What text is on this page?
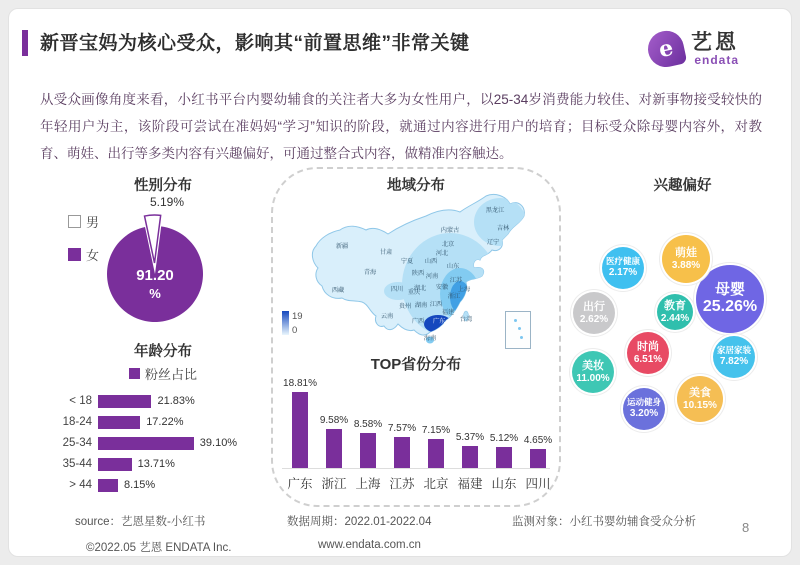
新晋宝妈为核心受众，影响其“前置思维”非常关键	e 艺恩
endata
从受众画像角度来看，小红书平台内婴幼辅食的关注者大多为女性用户，以25-34岁消费能力较佳、对新事物接受较快的年轻用户为主，该阶段可尝试在准妈妈“学习”知识的阶段，就通过内容进行用户的培育；目标受众除母婴内容外，对教育、萌娃、出行等多类内容有兴趣偏好，可通过整合式内容，做精准内容触达。
性别分布
男
女
5.19%
91.20
%
年龄分布
粉丝占比
< 18	21.83%
18-24	17.22%
25-34	39.10%
35-44	13.71%
> 44	8.15%
地域分布
黑龙江
吉林
辽宁
内蒙古
新疆
甘肃
青海
西藏	四川 重庆
云南
贵州
广西 广东
海南
湖南
湖北
江西
福建
浙江
上海
江苏
安徽
河南
山东
山西
河北
北京
陕西
宁夏
台湾
19
0
TOP省份分布
18.81%
广东
9.58%
浙江
8.58%
上海
7.57%
江苏
7.15%
北京
5.37%
福建
5.12%
山东
4.65%
四川
兴趣偏好
母婴
25.26%
美妆
11.00%
美食
10.15%
家居家装
7.82%
时尚
6.51%
萌娃
3.88%
运动健身
3.20%
出行
2.62%
教育
2.44%
医疗健康
2.17%
source：艺恩星数-小红书
©2022.05 艺恩 ENDATA Inc.
数据周期：2022.01-2022.04
www.endata.com.cn
监测对象：小红书婴幼辅食受众分析	8
